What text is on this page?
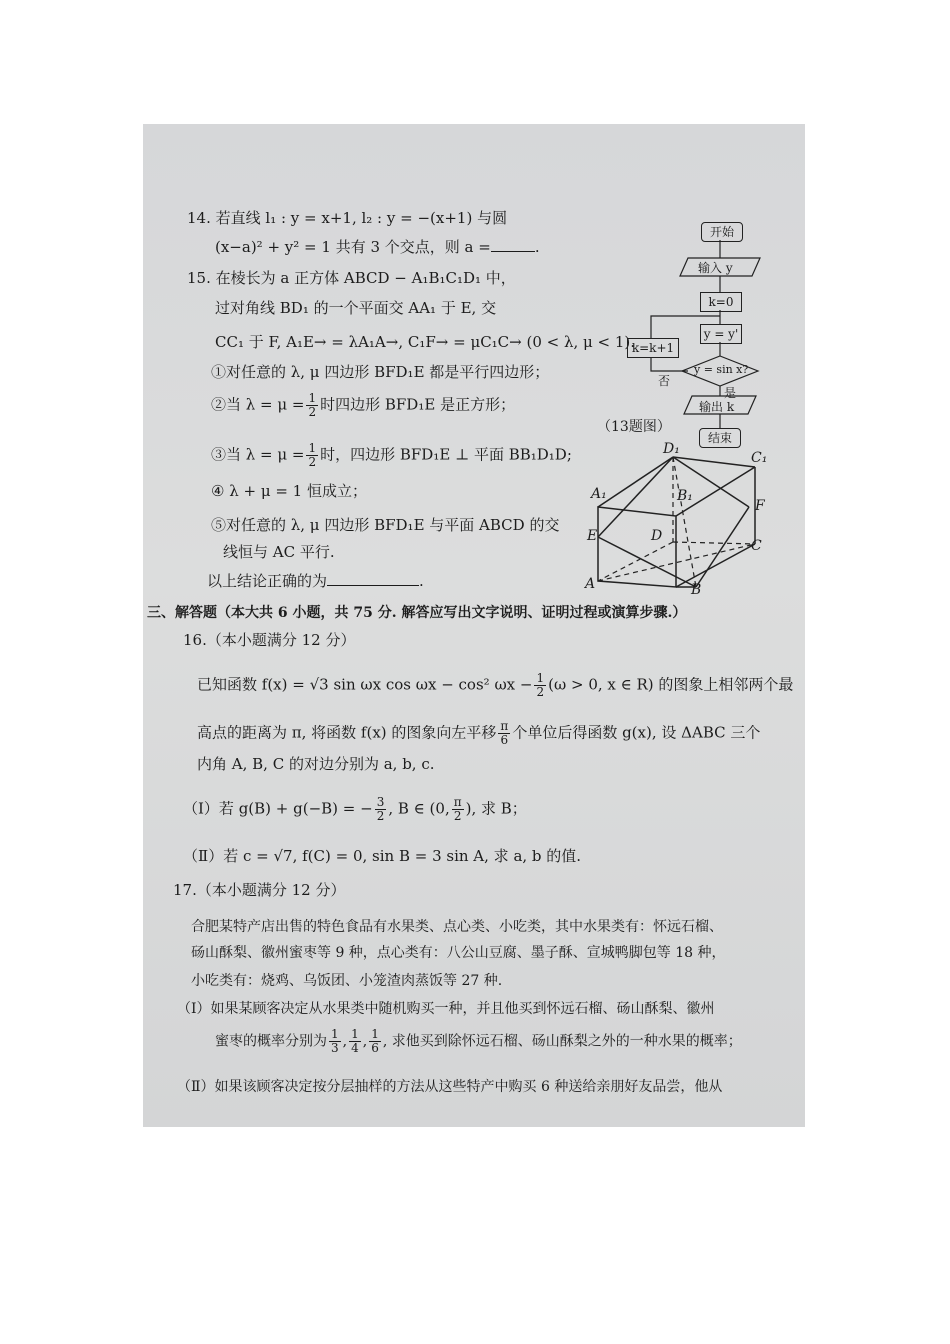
14. 若直线 l₁ : y = x+1, l₂ : y = −(x+1) 与圆
(x−a)² + y² = 1 共有 3 个交点，则 a =	.
15. 在棱长为 a 正方体 ABCD − A₁B₁C₁D₁ 中，
过对角线 BD₁ 的一个平面交 AA₁ 于 E, 交
CC₁ 于 F, A₁E→ = λA₁A→, C₁F→ = μC₁C→ (0 < λ, μ < 1).
①对任意的 λ, μ 四边形 BFD₁E 都是平行四边形；
②当 $\lambda = \mu = \frac{1}{2}$ 时四边形 BFD₁E 是正方形；
③当 $\lambda = \mu = \frac{1}{2}$ 时，四边形 BFD₁E ⊥ 平面 BB₁D₁D;
④ λ + μ = 1 恒成立；
⑤对任意的 λ, μ 四边形 BFD₁E 与平面 ABCD 的交
线恒与 AC 平行.
以上结论正确的为	.
开始
输入 y
k=0
y = y'
k=k+1
y = sin x?
否
是
输出 k
结束
（13题图）
D₁
C₁
A₁	B₁
F
E	D
C
A	B
三、解答题（本大共 6 小题，共 75 分. 解答应写出文字说明、证明过程或演算步骤.）
16.（本小题满分 12 分）
已知函数 f(x) = √3 sin ωx cos ωx − cos² $\omega x - \frac{1}{2} (\omega > 0$, x ∈ R) 的图象上相邻两个最
高点的距离为 π, 将函数 f(x) 的图象向左平移 $\frac{\pi}{6}$ 个单位后得函数 g(x), 设 ΔABC 三个
内角 A, B, C 的对边分别为 a, b, c.
（Ⅰ）若 g(B) + g(−B) = − $\frac{3}{2}$ , B ∈ (0, $\frac{\pi}{2}$ ), 求 B；
（Ⅱ）若 c = √7, f(C) = 0, sin B = 3 sin A, 求 a, b 的值.
17.（本小题满分 12 分）
合肥某特产店出售的特色食品有水果类、点心类、小吃类，其中水果类有：怀远石榴、
砀山酥梨、徽州蜜枣等 9 种，点心类有：八公山豆腐、墨子酥、宣城鸭脚包等 18 种，
小吃类有：烧鸡、乌饭团、小笼渣肉蒸饭等 27 种.
（Ⅰ）如果某顾客决定从水果类中随机购买一种，并且他买到怀远石榴、砀山酥梨、徽州
蜜枣的概率分别为 $\frac{1}{3}$ , $\frac{1}{4}$ , $\frac{1}{6}$ , 求他买到除怀远石榴、砀山酥梨之外的一种水果的概率；
（Ⅱ）如果该顾客决定按分层抽样的方法从这些特产中购买 6 种送给亲朋好友品尝，他从
